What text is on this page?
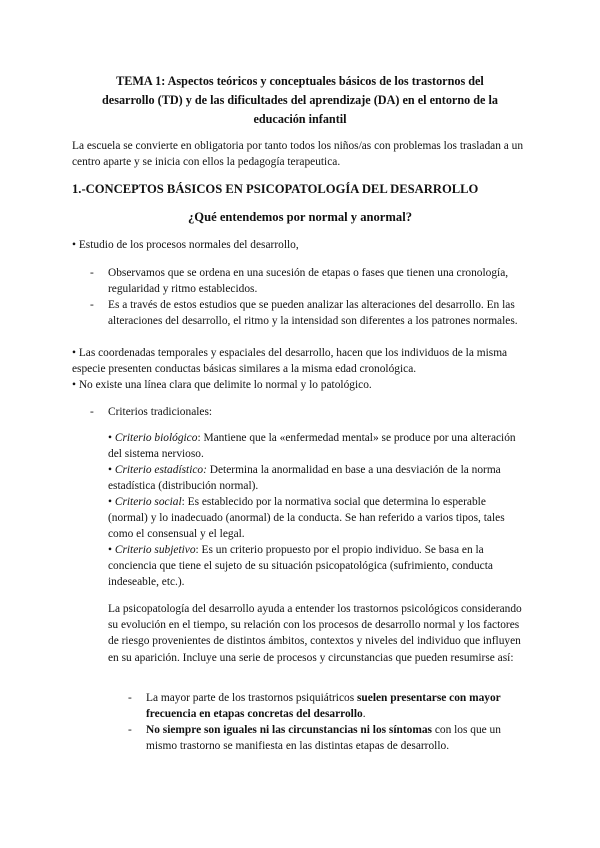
TEMA 1: Aspectos teóricos y conceptuales básicos de los trastornos del
desarrollo (TD) y de las dificultades del aprendizaje (DA) en el entorno de la
educación infantil

La escuela se convierte en obligatoria por tanto todos los niños/as con problemas los trasladan a un centro aparte y se inicia con ellos la pedagogía terapeutica.

1.-CONCEPTOS BÁSICOS EN PSICOPATOLOGÍA DEL DESARROLLO
¿Qué entendemos por normal y anormal?

• Estudio de los procesos normales del desarrollo,

- Observamos que se ordena en una sucesión de etapas o fases que tienen una cronología, regularidad y ritmo establecidos.

- Es a través de estos estudios que se pueden analizar las alteraciones del desarrollo. En las alteraciones del desarrollo, el ritmo y la intensidad son diferentes a los patrones normales.

• Las coordenadas temporales y espaciales del desarrollo, hacen que los individuos de la misma especie presenten conductas básicas similares a la misma edad cronológica.

• No existe una línea clara que delimite lo normal y lo patológico.

- Criterios tradicionales:

• Criterio biológico: Mantiene que la «enfermedad mental» se produce por una alteración del sistema nervioso.

• Criterio estadístico: Determina la anormalidad en base a una desviación de la norma estadística (distribución normal).

• Criterio social: Es establecido por la normativa social que determina lo esperable (normal) y lo inadecuado (anormal) de la conducta. Se han referido a varios tipos, tales como el consensual y el legal.

• Criterio subjetivo: Es un criterio propuesto por el propio individuo. Se basa en la conciencia que tiene el sujeto de su situación psicopatológica (sufrimiento, conducta indeseable, etc.).

La psicopatología del desarrollo ayuda a entender los trastornos psicológicos considerando su evolución en el tiempo, su relación con los procesos de desarrollo normal y los factores de riesgo provenientes de distintos ámbitos, contextos y niveles del individuo que influyen en su aparición. Incluye una serie de procesos y circunstancias que pueden resumirse así:

- La mayor parte de los trastornos psiquiátricos suelen presentarse con mayor frecuencia en etapas concretas del desarrollo.

- No siempre son iguales ni las circunstancias ni los síntomas con los que un mismo trastorno se manifiesta en las distintas etapas de desarrollo.
